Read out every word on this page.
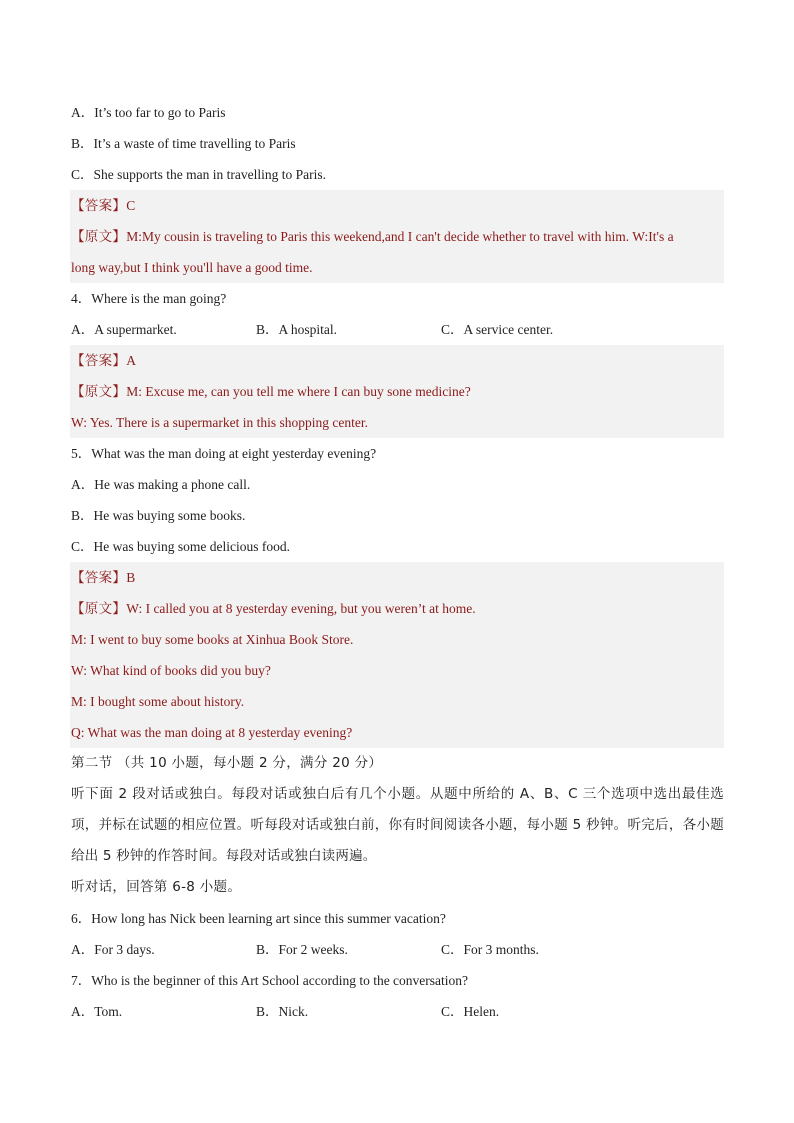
A．It’s too far to go to Paris
B．It’s a waste of time travelling to Paris
C．She supports the man in travelling to Paris.
【答案】C
【原文】M:My cousin is traveling to Paris this weekend,and I can't decide whether to travel with him. W:It's a
long way,but I think you'll have a good time.
4．Where is the man going?
A．A supermarket.	B．A hospital.	C．A service center.
【答案】A
【原文】M: Excuse me, can you tell me where I can buy sone medicine?
W: Yes. There is a supermarket in this shopping center.
5．What was the man doing at eight yesterday evening?
A．He was making a phone call.
B．He was buying some books.
C．He was buying some delicious food.
【答案】B
【原文】W: I called you at 8 yesterday evening, but you weren’t at home.
M: I went to buy some books at Xinhua Book Store.
W: What kind of books did you buy?
M: I bought some about history.
Q: What was the man doing at 8 yesterday evening?
第二节 （共 10 小题，每小题 2 分，满分 20 分）
听下面 2 段对话或独白。每段对话或独白后有几个小题。从题中所给的 A、B、C 三个选项中选出最佳选项，并标在试题的相应位置。听每段对话或独白前，你有时间阅读各小题，每小题 5 秒钟。听完后，各小题给出 5 秒钟的作答时间。每段对话或独白读两遍。
听对话，回答第 6-8 小题。
6．How long has Nick been learning art since this summer vacation?
A．For 3 days.	B．For 2 weeks.	C．For 3 months.
7．Who is the beginner of this Art School according to the conversation?
A．Tom.	B．Nick.	C．Helen.
